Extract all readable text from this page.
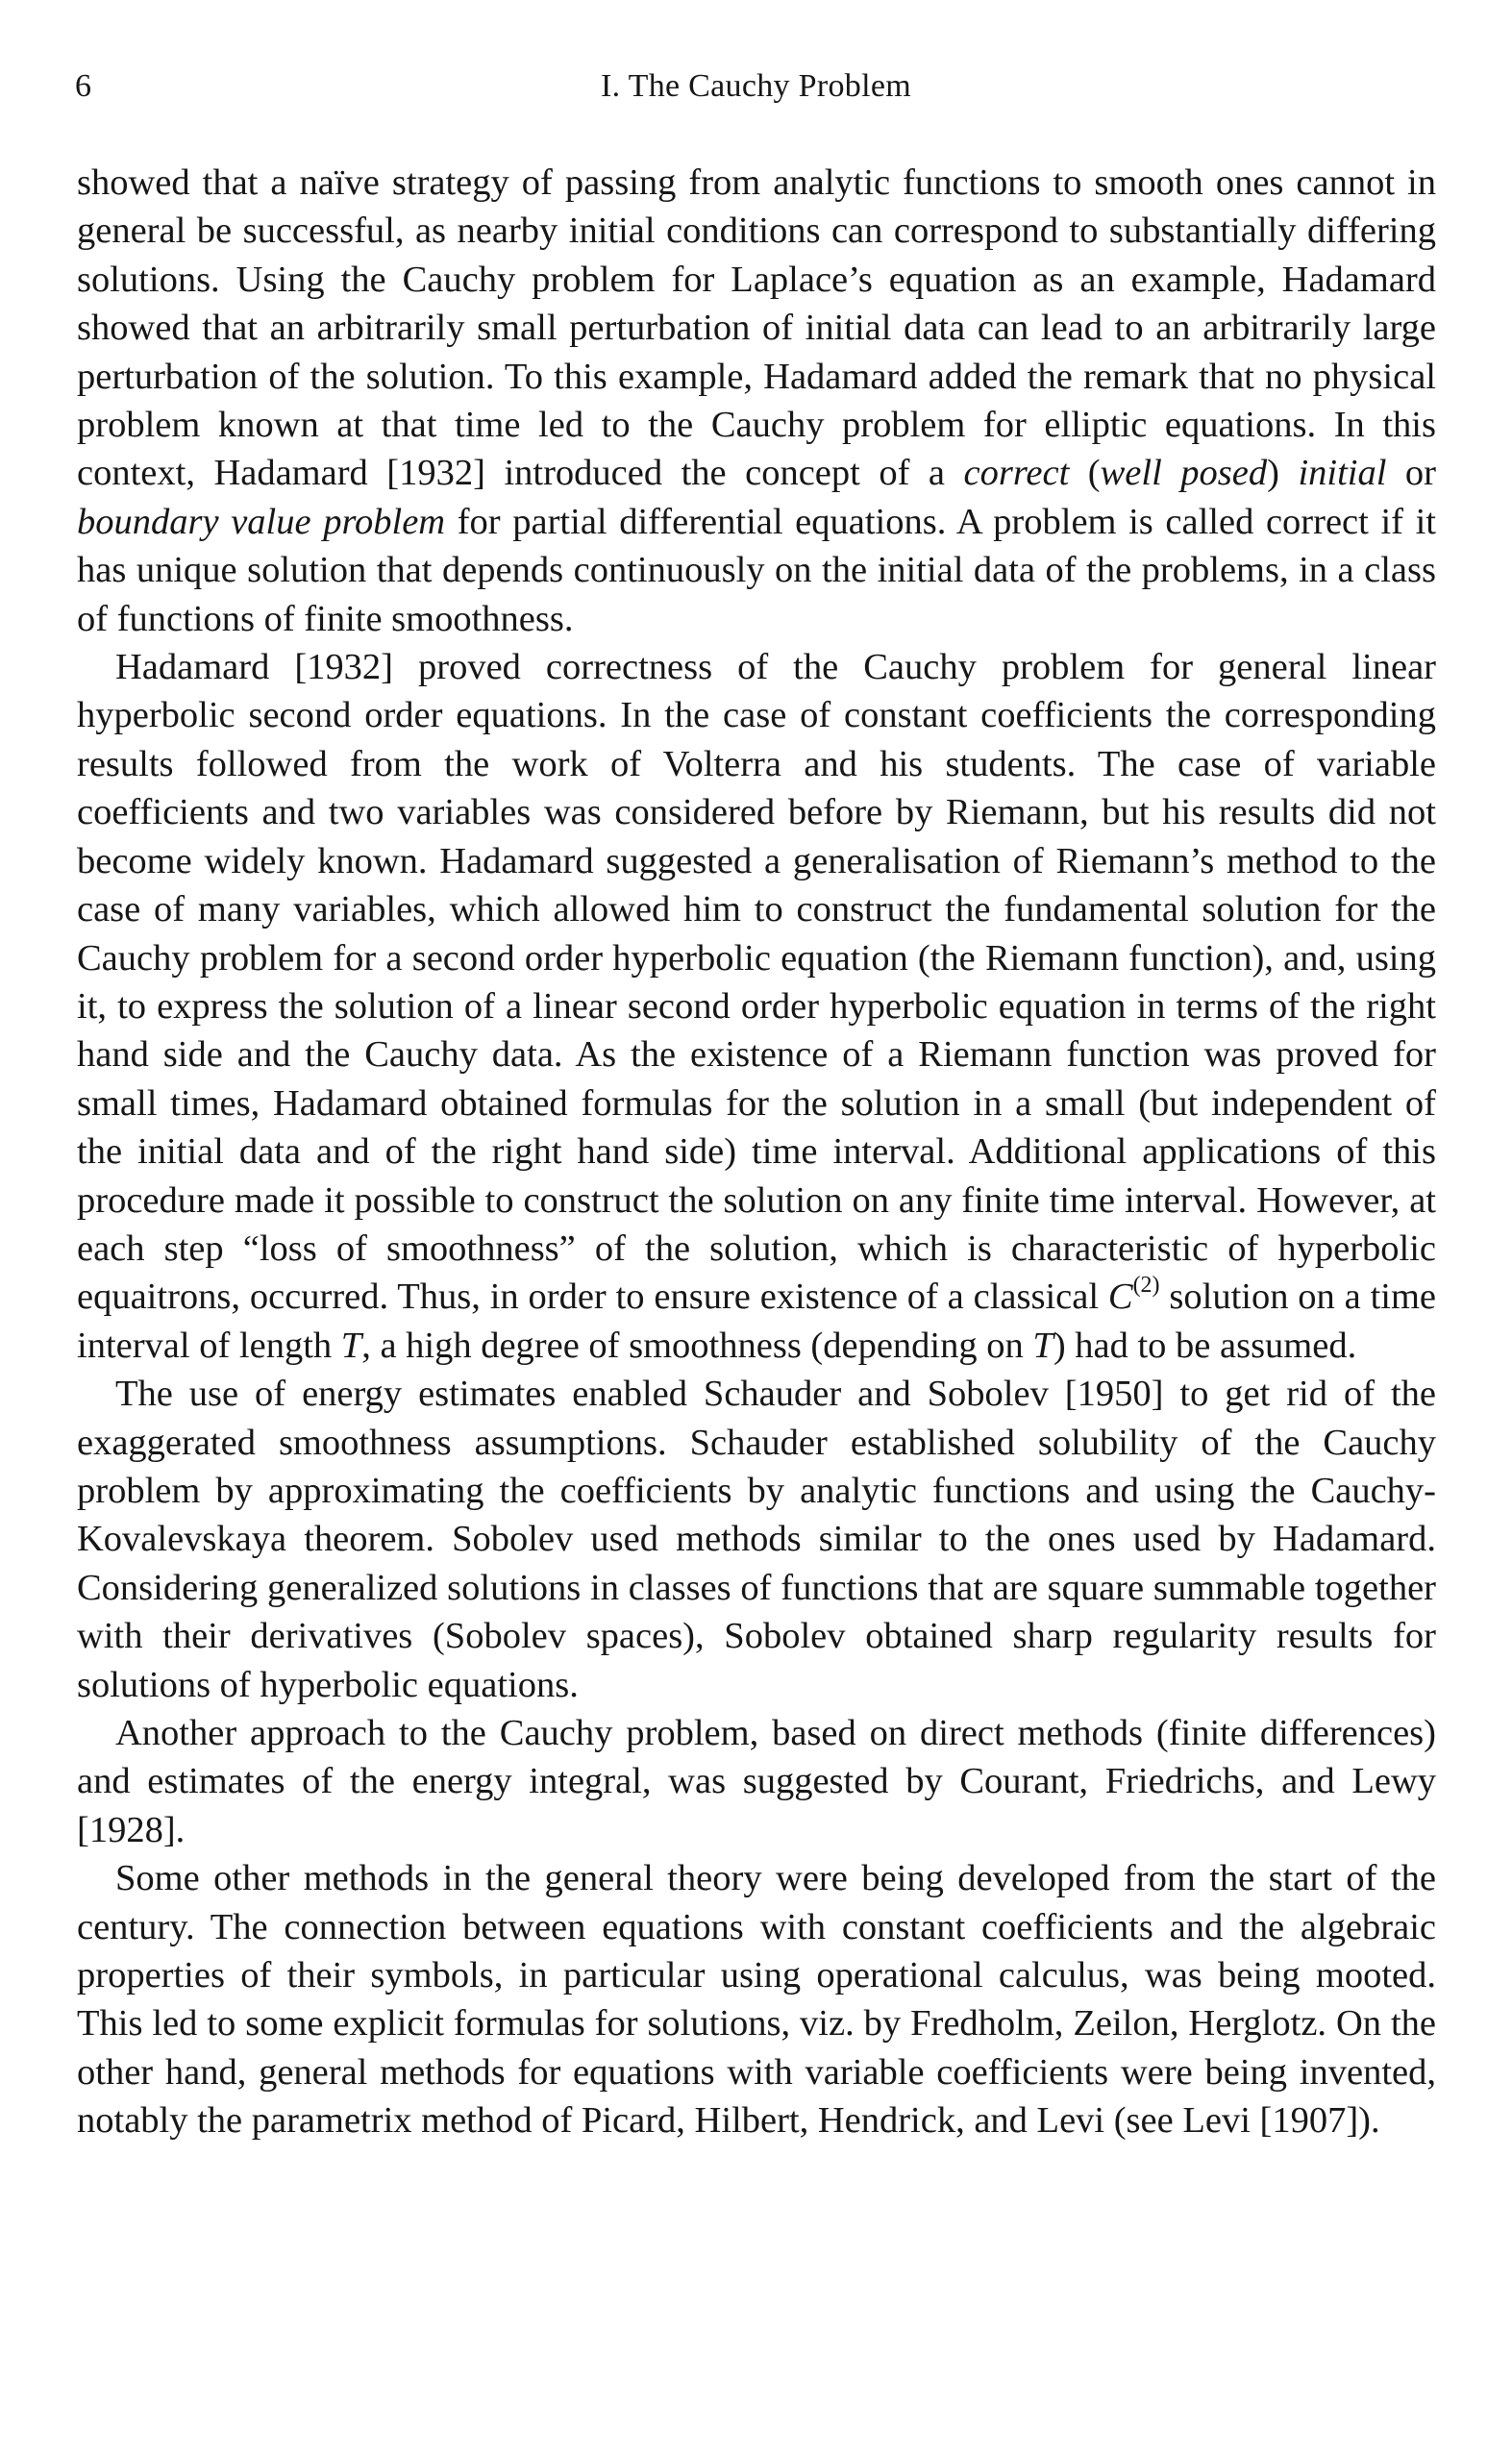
6	I. The Cauchy Problem

showed that a naïve strategy of passing from analytic functions to smooth ones cannot in general be successful, as nearby initial conditions can correspond to substantially differing solutions. Using the Cauchy problem for Laplace’s equation as an example, Hadamard showed that an arbitrarily small perturbation of initial data can lead to an arbitrarily large perturbation of the solution. To this example, Hadamard added the remark that no physical problem known at that time led to the Cauchy problem for elliptic equations. In this context, Hadamard [1932] introduced the concept of a correct (well posed) initial or boundary value problem for partial differential equations. A problem is called correct if it has unique solution that depends continuously on the initial data of the problems, in a class of functions of finite smoothness.

Hadamard [1932] proved correctness of the Cauchy problem for general linear hyperbolic second order equations. In the case of constant coefficients the corresponding results followed from the work of Volterra and his students. The case of variable coefficients and two variables was considered before by Riemann, but his results did not become widely known. Hadamard suggested a generalisation of Riemann’s method to the case of many variables, which allowed him to construct the fundamental solution for the Cauchy problem for a second order hyperbolic equation (the Riemann function), and, using it, to express the solution of a linear second order hyperbolic equation in terms of the right hand side and the Cauchy data. As the existence of a Riemann function was proved for small times, Hadamard obtained formulas for the solution in a small (but independent of the initial data and of the right hand side) time interval. Additional applications of this procedure made it possible to construct the solution on any finite time interval. However, at each step “loss of smoothness” of the solution, which is characteristic of hyperbolic equaitrons, occurred. Thus, in order to ensure existence of a classical $C^{(2)}$ solution on a time interval of length T, a high degree of smoothness (depending on T) had to be assumed.

The use of energy estimates enabled Schauder and Sobolev [1950] to get rid of the exaggerated smoothness assumptions. Schauder established solubility of the Cauchy problem by approximating the coefficients by analytic functions and using the Cauchy-Kovalevskaya theorem. Sobolev used methods similar to the ones used by Hadamard. Considering generalized solutions in classes of functions that are square summable together with their derivatives (Sobolev spaces), Sobolev obtained sharp regularity results for solutions of hyperbolic equations.

Another approach to the Cauchy problem, based on direct methods (finite differences) and estimates of the energy integral, was suggested by Courant, Friedrichs, and Lewy [1928].

Some other methods in the general theory were being developed from the start of the century. The connection between equations with constant coefficients and the algebraic properties of their symbols, in particular using operational calculus, was being mooted. This led to some explicit formulas for solutions, viz. by Fredholm, Zeilon, Herglotz. On the other hand, general methods for equations with variable coefficients were being invented, notably the parametrix method of Picard, Hilbert, Hendrick, and Levi (see Levi [1907]).
